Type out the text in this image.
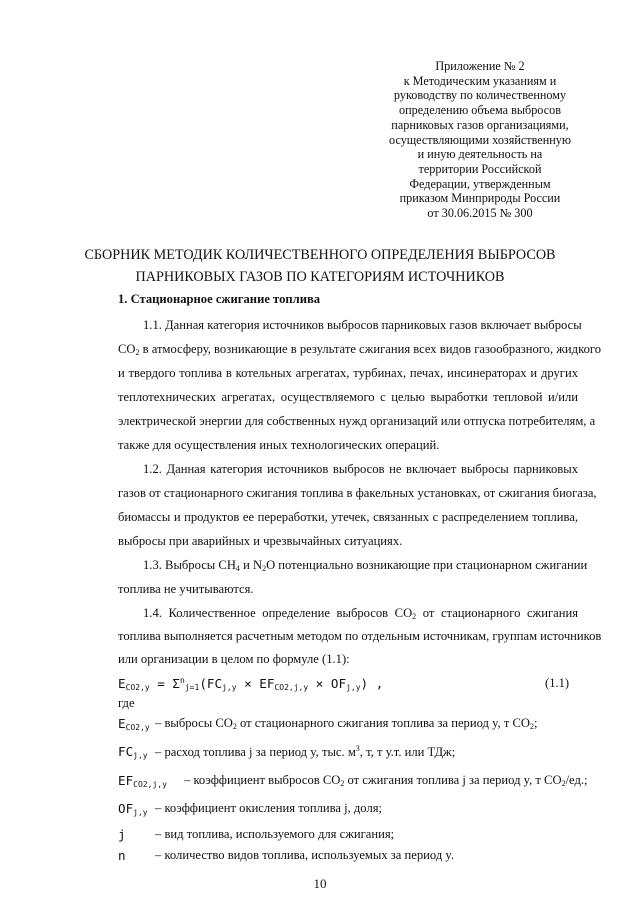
Приложение № 2
к Методическим указаниям и
руководству по количественному
определению объема выбросов
парниковых газов организациями,
осуществляющими хозяйственную
и иную деятельность на
территории Российской
Федерации, утвержденным
приказом Минприроды России
от 30.06.2015 № 300
СБОРНИК МЕТОДИК КОЛИЧЕСТВЕННОГО ОПРЕДЕЛЕНИЯ ВЫБРОСОВ
ПАРНИКОВЫХ ГАЗОВ ПО КАТЕГОРИЯМ ИСТОЧНИКОВ
1. Стационарное сжигание топлива
1.1. Данная категория источников выбросов парниковых газов включает выбросы
$CO_2$ в атмосферу, возникающие в результате сжигания всех видов газообразного, жидкого
и твердого топлива в котельных агрегатах, турбинах, печах, инсинераторах и других
теплотехнических агрегатах, осуществляемого с целью выработки тепловой и/или
электрической энергии для собственных нужд организаций или отпуска потребителям, а
также для осуществления иных технологических операций.
1.2. Данная категория источников выбросов не включает выбросы парниковых
газов от стационарного сжигания топлива в факельных установках, от сжигания биогаза,
биомассы и продуктов ее переработки, утечек, связанных с распределением топлива,
выбросы при аварийных и чрезвычайных ситуациях.
1.3. Выбросы $CH_4$ и $N_2O$ потенциально возникающие при стационарном сжигании
топлива не учитываются.
1.4. Количественное определение выбросов $CO_2$ от стационарного сжигания
топлива выполняется расчетным методом по отдельным источникам, группам источников
или организации в целом по формуле (1.1):
$E_{CO2,y} = \Sigma^n_{j=1}(FC_{j,y} \times EF_{CO2,j,y} \times OF_{j,y})$ ,	(1.1)
где
$E_{CO2,y}$ – выбросы $CO_2$ от стационарного сжигания топлива за период y, т $CO_2$;
$FC_{j,y}$ – расход топлива j за период y, тыс. $м^3$, т, т у.т. или ТДж;
$EF_{CO2,j,y}$ – коэффициент выбросов $CO_2$ от сжигания топлива j за период y, т $CO_2/ед$.;
$OF_{j,y}$ – коэффициент окисления топлива j, доля;
j – вид топлива, используемого для сжигания;
n – количество видов топлива, используемых за период y.
10
